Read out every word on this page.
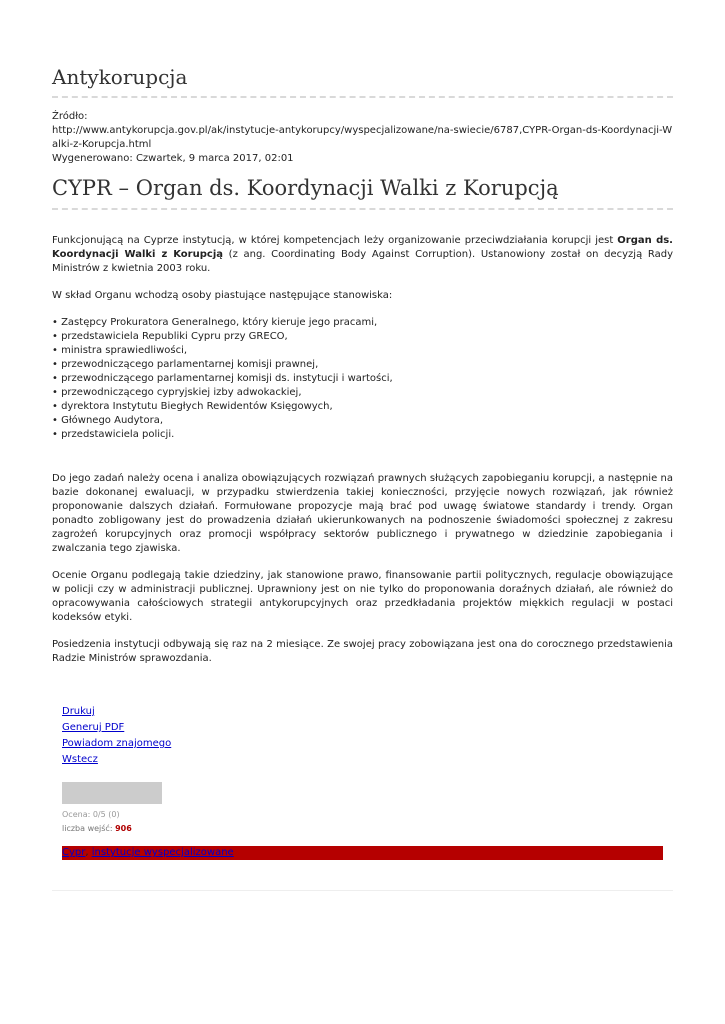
Antykorupcja
Źródło:
http://www.antykorupcja.gov.pl/ak/instytucje-antykorupcy/wyspecjalizowane/na-swiecie/6787,CYPR-Organ-ds-Koordynacji-Walki-z-Korupcja.html
Wygenerowano: Czwartek, 9 marca 2017, 02:01
CYPR – Organ ds. Koordynacji Walki z Korupcją

Funkcjonującą na Cyprze instytucją, w której kompetencjach leży organizowanie przeciwdziałania korupcji jest Organ ds. Koordynacji Walki z Korupcją (z ang. Coordinating Body Against Corruption). Ustanowiony został on decyzją Rady Ministrów z kwietnia 2003 roku.

W skład Organu wchodzą osoby piastujące następujące stanowiska:

• Zastępcy Prokuratora Generalnego, który kieruje jego pracami,
• przedstawiciela Republiki Cypru przy GRECO,
• ministra sprawiedliwości,
• przewodniczącego parlamentarnej komisji prawnej,
• przewodniczącego parlamentarnej komisji ds. instytucji i wartości,
• przewodniczącego cypryjskiej izby adwokackiej,
• dyrektora Instytutu Biegłych Rewidentów Księgowych,
• Głównego Audytora,
• przedstawiciela policji.

Do jego zadań należy ocena i analiza obowiązujących rozwiązań prawnych służących zapobieganiu korupcji, a następnie na bazie dokonanej ewaluacji, w przypadku stwierdzenia takiej konieczności, przyjęcie nowych rozwiązań, jak również proponowanie dalszych działań. Formułowane propozycje mają brać pod uwagę światowe standardy i trendy. Organ ponadto zobligowany jest do prowadzenia działań ukierunkowanych na podnoszenie świadomości społecznej z zakresu zagrożeń korupcyjnych oraz promocji współpracy sektorów publicznego i prywatnego w dziedzinie zapobiegania i zwalczania tego zjawiska.

Ocenie Organu podlegają takie dziedziny, jak stanowione prawo, finansowanie partii politycznych, regulacje obowiązujące w policji czy w administracji publicznej. Uprawniony jest on nie tylko do proponowania doraźnych działań, ale również do opracowywania całościowych strategii antykorupcyjnych oraz przedkładania projektów miękkich regulacji w postaci kodeksów etyki.

Posiedzenia instytucji odbywają się raz na 2 miesiące. Ze swojej pracy zobowiązana jest ona do corocznego przedstawienia Radzie Ministrów sprawozdania.

Drukuj
Generuj PDF
Powiadom znajomego
Wstecz
Ocena: 0/5 (0)
liczba wejść: 906
Cypr, instytucje wyspecjalizowane
